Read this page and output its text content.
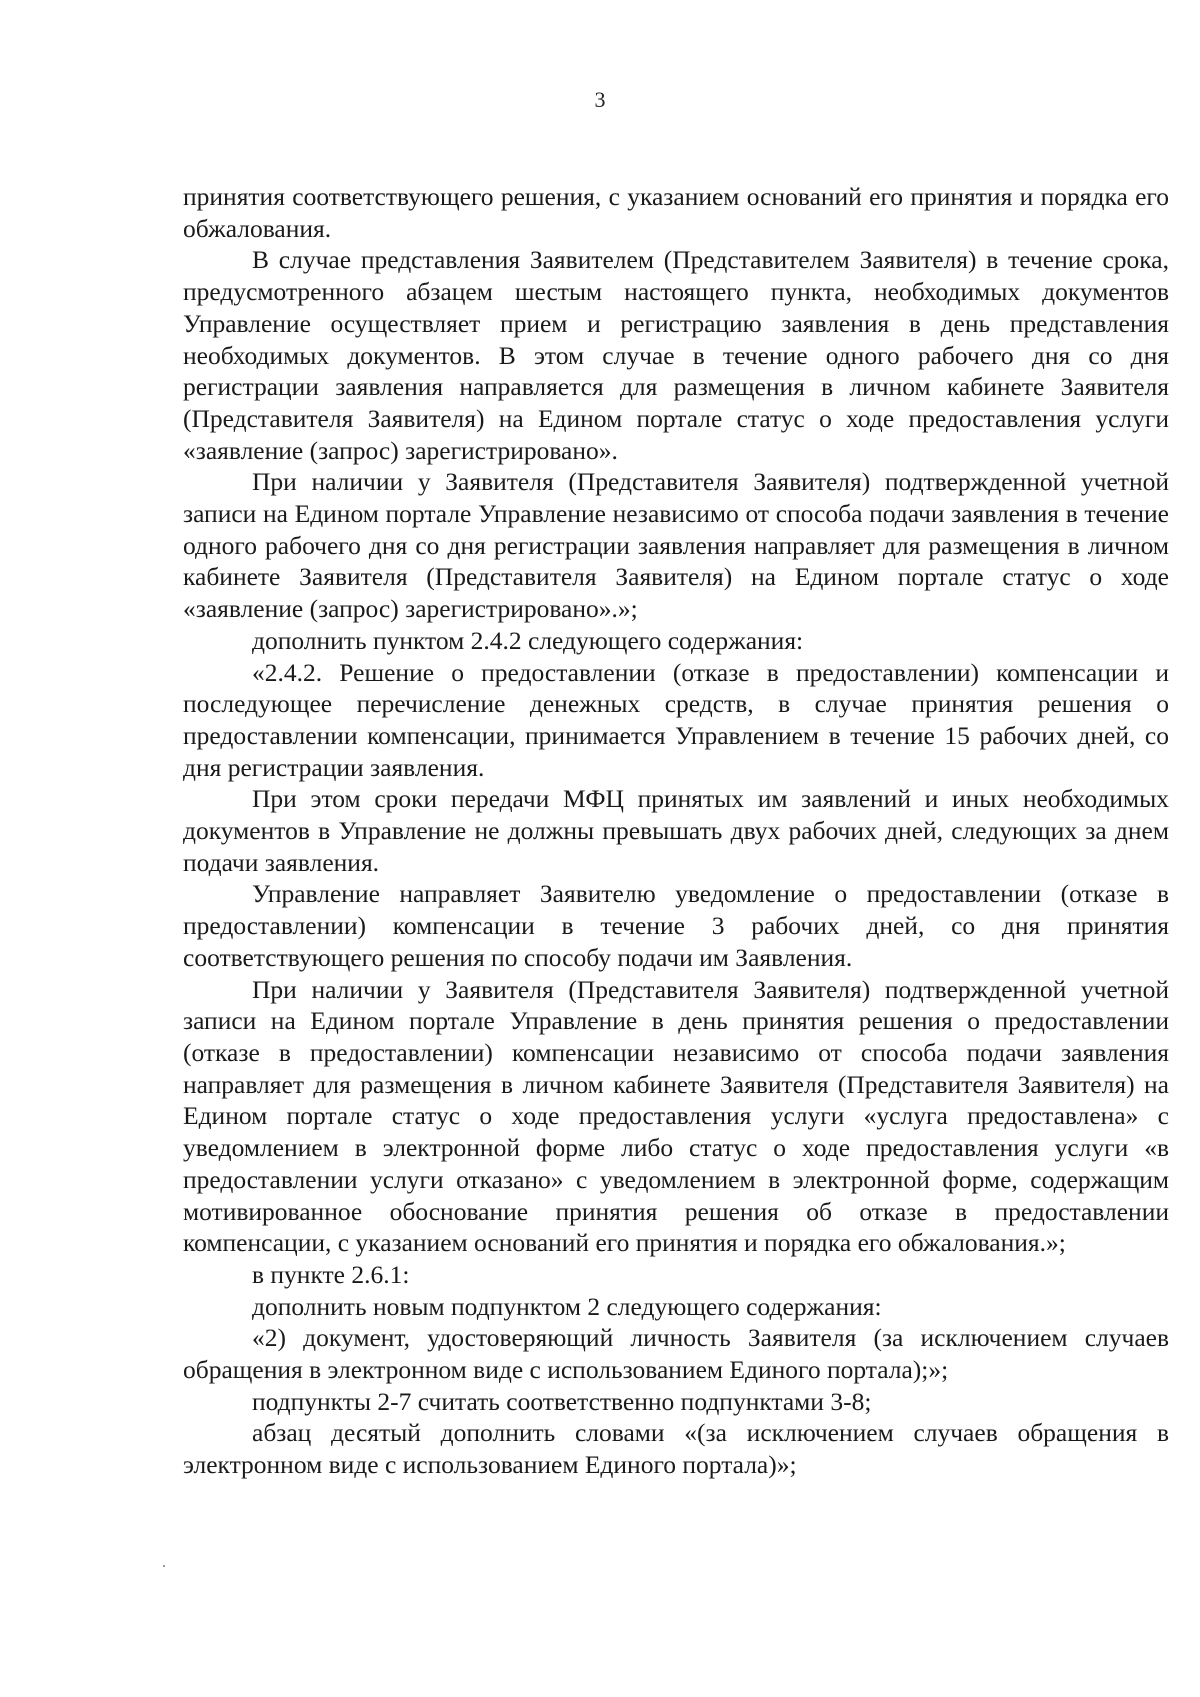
3

принятия соответствующего решения, с указанием оснований его принятия и порядка его обжалования.

В случае представления Заявителем (Представителем Заявителя) в течение срока, предусмотренного абзацем шестым настоящего пункта, необходимых документов Управление осуществляет прием и регистрацию заявления в день представления необходимых документов. В этом случае в течение одного рабочего дня со дня регистрации заявления направляется для размещения в личном кабинете Заявителя (Представителя Заявителя) на Едином портале статус о ходе предоставления услуги «заявление (запрос) зарегистрировано».

При наличии у Заявителя (Представителя Заявителя) подтвержденной учетной записи на Едином портале Управление независимо от способа подачи заявления в течение одного рабочего дня со дня регистрации заявления направляет для размещения в личном кабинете Заявителя (Представителя Заявителя) на Едином портале статус о ходе «заявление (запрос) зарегистрировано».»;

дополнить пунктом 2.4.2 следующего содержания:

«2.4.2. Решение о предоставлении (отказе в предоставлении) компенсации и последующее перечисление денежных средств, в случае принятия решения о предоставлении компенсации, принимается Управлением в течение 15 рабочих дней, со дня регистрации заявления.

При этом сроки передачи МФЦ принятых им заявлений и иных необходимых документов в Управление не должны превышать двух рабочих дней, следующих за днем подачи заявления.

Управление направляет Заявителю уведомление о предоставлении (отказе в предоставлении) компенсации в течение 3 рабочих дней, со дня принятия соответствующего решения по способу подачи им Заявления.

При наличии у Заявителя (Представителя Заявителя) подтвержденной учетной записи на Едином портале Управление в день принятия решения о предоставлении (отказе в предоставлении) компенсации независимо от способа подачи заявления направляет для размещения в личном кабинете Заявителя (Представителя Заявителя) на Едином портале статус о ходе предоставления услуги «услуга предоставлена» с уведомлением в электронной форме либо статус о ходе предоставления услуги «в предоставлении услуги отказано» с уведомлением в электронной форме, содержащим мотивированное обоснование принятия решения об отказе в предоставлении компенсации, с указанием оснований его принятия и порядка его обжалования.»;

в пункте 2.6.1:

дополнить новым подпунктом 2 следующего содержания:

«2) документ, удостоверяющий личность Заявителя (за исключением случаев обращения в электронном виде с использованием Единого портала);»;

подпункты 2-7 считать соответственно подпунктами 3-8;

абзац десятый дополнить словами «(за исключением случаев обращения в электронном виде с использованием Единого портала)»;
